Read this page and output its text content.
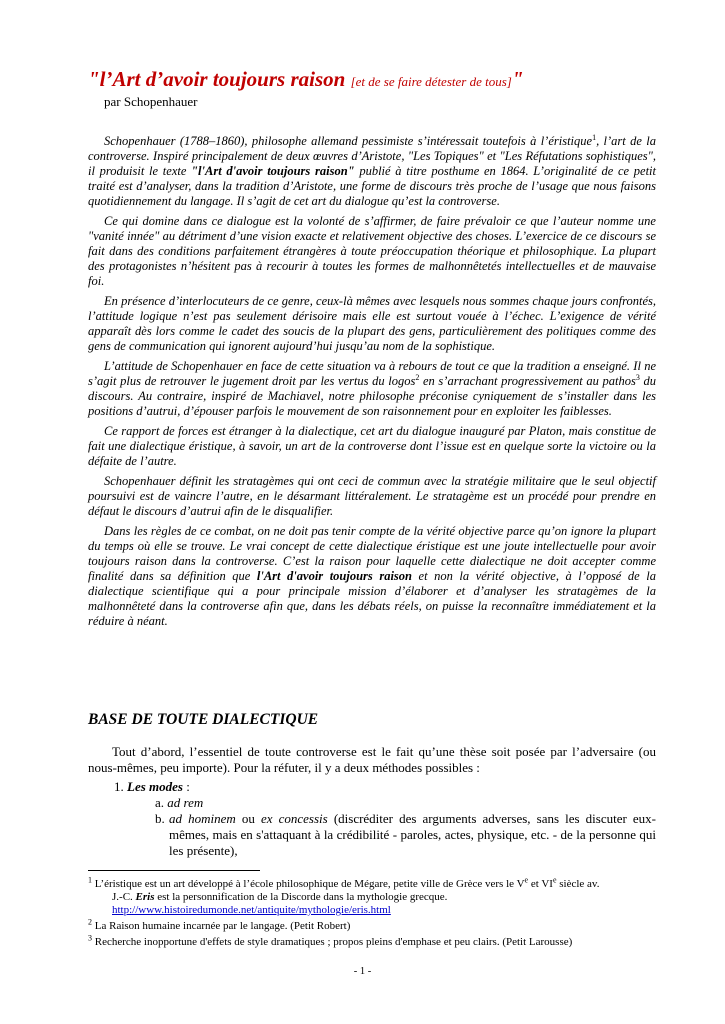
"l’Art d’avoir toujours raison [et de se faire détester de tous]"

par Schopenhauer

Schopenhauer (1788–1860), philosophe allemand pessimiste s’intéressait toutefois à l’éristique$^1$, l’art de la controverse. Inspiré principalement de deux œuvres d’Aristote, "Les Topiques" et "Les Réfutations sophistiques", il produisit le texte "l'Art d'avoir toujours raison" publié à titre posthume en 1864. L’originalité de ce petit traité est d’analyser, dans la tradition d’Aristote, une forme de discours très proche de l’usage que nous faisons quotidiennement du langage. Il s’agit de cet art du dialogue qu’est la controverse.

Ce qui domine dans ce dialogue est la volonté de s’affirmer, de faire prévaloir ce que l’auteur nomme une "vanité innée" au détriment d’une vision exacte et relativement objective des choses. L’exercice de ce discours se fait dans des conditions parfaitement étrangères à toute préoccupation théorique et philosophique. La plupart des protagonistes n’hésitent pas à recourir à toutes les formes de malhonnêtetés intellectuelles et de mauvaise foi.

En présence d’interlocuteurs de ce genre, ceux-là mêmes avec lesquels nous sommes chaque jours confrontés, l’attitude logique n’est pas seulement dérisoire mais elle est surtout vouée à l’échec. L’exigence de vérité apparaît dès lors comme le cadet des soucis de la plupart des gens, particulièrement des politiques comme des gens de communication qui ignorent aujourd’hui jusqu’au nom de la sophistique.

L’attitude de Schopenhauer en face de cette situation va à rebours de tout ce que la tradition a enseigné. Il ne s’agit plus de retrouver le jugement droit par les vertus du logos$^2$ en s’arrachant progressivement au pathos$^3$ du discours. Au contraire, inspiré de Machiavel, notre philosophe préconise cyniquement de s’installer dans les positions d’autrui, d’épouser parfois le mouvement de son raisonnement pour en exploiter les faiblesses.

Ce rapport de forces est étranger à la dialectique, cet art du dialogue inauguré par Platon, mais constitue de fait une dialectique éristique, à savoir, un art de la controverse dont l’issue est en quelque sorte la victoire ou la défaite de l’autre.

Schopenhauer définit les stratagèmes qui ont ceci de commun avec la stratégie militaire que le seul objectif poursuivi est de vaincre l’autre, en le désarmant littéralement. Le stratagème est un procédé pour prendre en défaut le discours d’autrui afin de le disqualifier.

Dans les règles de ce combat, on ne doit pas tenir compte de la vérité objective parce qu’on ignore la plupart du temps où elle se trouve. Le vrai concept de cette dialectique éristique est une joute intellectuelle pour avoir toujours raison dans la controverse. C’est la raison pour laquelle cette dialectique ne doit accepter comme finalité dans sa définition que l'Art d'avoir toujours raison et non la vérité objective, à l’opposé de la dialectique scientifique qui a pour principale mission d’élaborer et d’analyser les stratagèmes de la malhonnêteté dans la controverse afin que, dans les débats réels, on puisse la reconnaître immédiatement et la réduire à néant.

BASE DE TOUTE DIALECTIQUE

Tout d’abord, l’essentiel de toute controverse est le fait qu’une thèse soit posée par l’adversaire (ou nous-mêmes, peu importe). Pour la réfuter, il y a deux méthodes possibles :

1. Les modes :

a. ad rem

b. ad hominem ou ex concessis (discréditer des arguments adverses, sans les discuter eux-mêmes, mais en s'attaquant à la crédibilité - paroles, actes, physique, etc. - de la personne qui les présente),

$^1$ L’éristique est un art développé à l’école philosophique de Mégare, petite ville de Grèce vers le Ve et VIe siècle av.

J.-C. Eris est la personnification de la Discorde dans la mythologie grecque.
http://www.histoiredumonde.net/antiquite/mythologie/eris.html

$^2$ La Raison humaine incarnée par le langage. (Petit Robert)

$^3$ Recherche inopportune d'effets de style dramatiques ; propos pleins d'emphase et peu clairs. (Petit Larousse)

- 1 -
